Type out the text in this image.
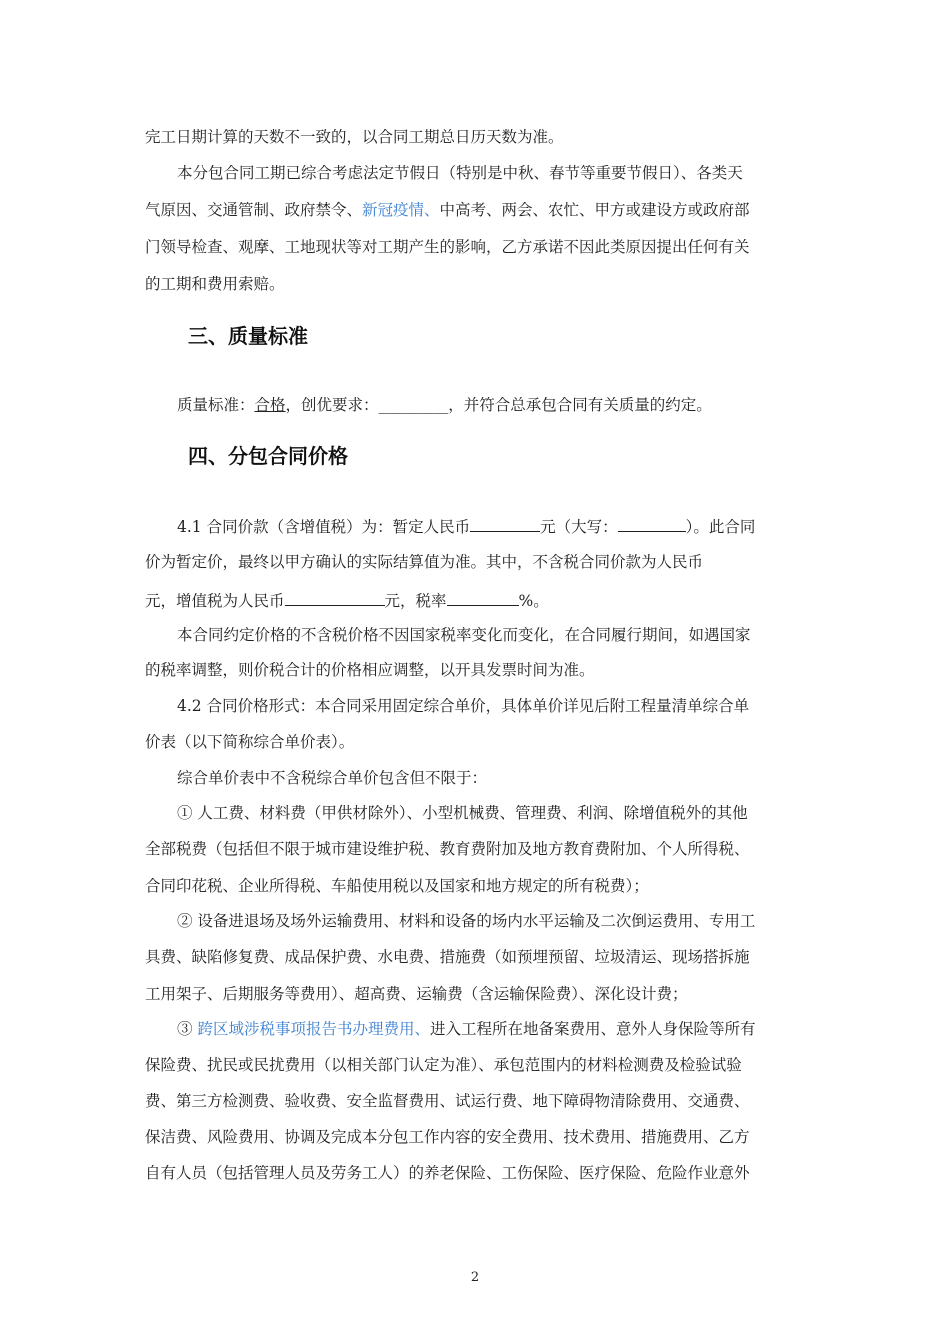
完工日期计算的天数不一致的，以合同工期总日历天数为准。
本分包合同工期已综合考虑法定节假日（特别是中秋、春节等重要节假日）、各类天
气原因、交通管制、政府禁令、新冠疫情、中高考、两会、农忙、甲方或建设方或政府部
门领导检查、观摩、工地现状等对工期产生的影响，乙方承诺不因此类原因提出任何有关
的工期和费用索赔。
三、质量标准
质量标准：合格，创优要求：_________，并符合总承包合同有关质量的约定。
四、分包合同价格
4.1 合同价款（含增值税）为：暂定人民币	元（大写：	）。此合同
价为暂定价，最终以甲方确认的实际结算值为准。其中，不含税合同价款为人民币
元，增值税为人民币	元，税率	%。
本合同约定价格的不含税价格不因国家税率变化而变化，在合同履行期间，如遇国家
的税率调整，则价税合计的价格相应调整，以开具发票时间为准。
4.2 合同价格形式：本合同采用固定综合单价，具体单价详见后附工程量清单综合单
价表（以下简称综合单价表）。
综合单价表中不含税综合单价包含但不限于：
① 人工费、材料费（甲供材除外）、小型机械费、管理费、利润、除增值税外的其他
全部税费（包括但不限于城市建设维护税、教育费附加及地方教育费附加、个人所得税、
合同印花税、企业所得税、车船使用税以及国家和地方规定的所有税费）；
② 设备进退场及场外运输费用、材料和设备的场内水平运输及二次倒运费用、专用工
具费、缺陷修复费、成品保护费、水电费、措施费（如预埋预留、垃圾清运、现场搭拆施
工用架子、后期服务等费用）、超高费、运输费（含运输保险费）、深化设计费；
③ 跨区域涉税事项报告书办理费用、进入工程所在地备案费用、意外人身保险等所有
保险费、扰民或民扰费用（以相关部门认定为准）、承包范围内的材料检测费及检验试验
费、第三方检测费、验收费、安全监督费用、试运行费、地下障碍物清除费用、交通费、
保洁费、风险费用、协调及完成本分包工作内容的安全费用、技术费用、措施费用、乙方
自有人员（包括管理人员及劳务工人）的养老保险、工伤保险、医疗保险、危险作业意外
2
